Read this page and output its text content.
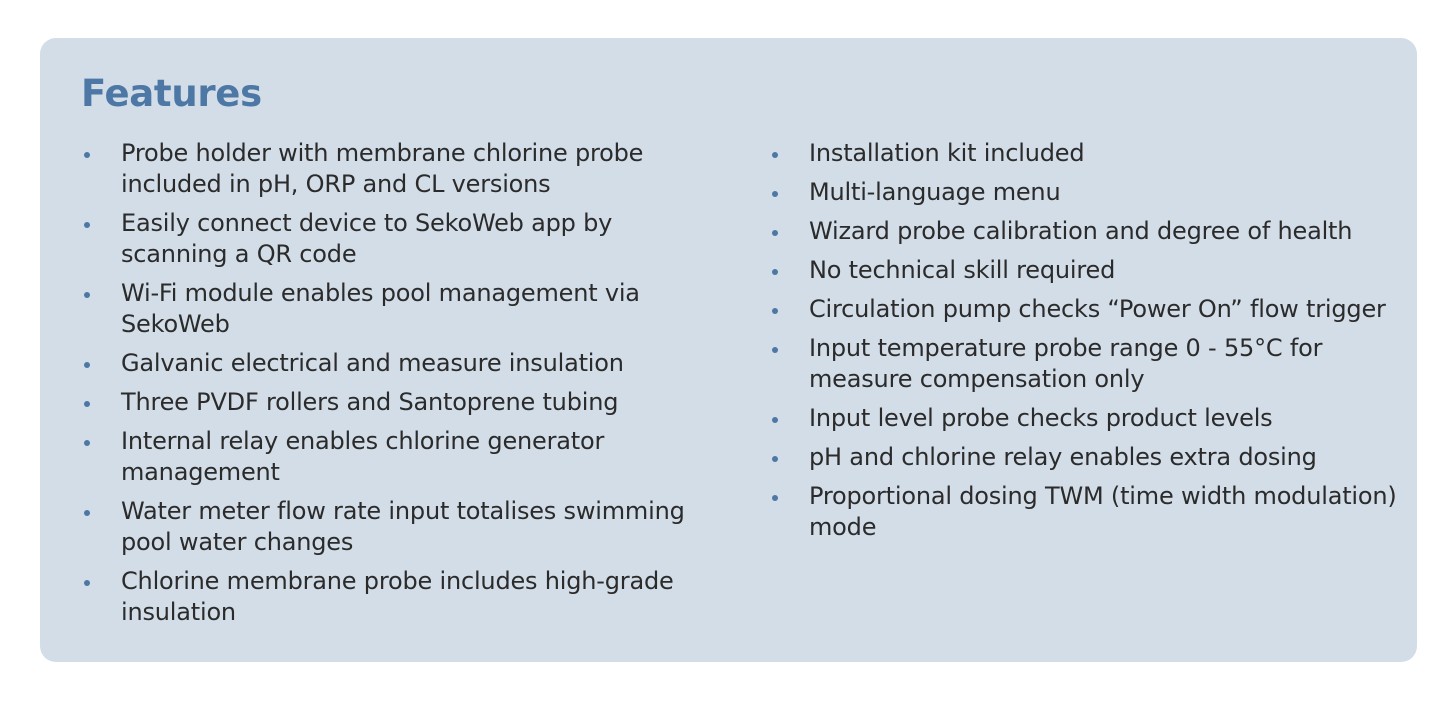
Features
Probe holder with membrane chlorine probe included in pH, ORP and CL versions
Easily connect device to SekoWeb app by scanning a QR code
Wi-Fi module enables pool management via SekoWeb
Galvanic electrical and measure insulation
Three PVDF rollers and Santoprene tubing
Internal relay enables chlorine generator management
Water meter flow rate input totalises swimming pool water changes
Chlorine membrane probe includes high-grade insulation
Installation kit included
Multi-language menu
Wizard probe calibration and degree of health
No technical skill required
Circulation pump checks “Power On” flow trigger
Input temperature probe range 0 - 55°C for measure compensation only
Input level probe checks product levels
pH and chlorine relay enables extra dosing
Proportional dosing TWM (time width modulation) mode
